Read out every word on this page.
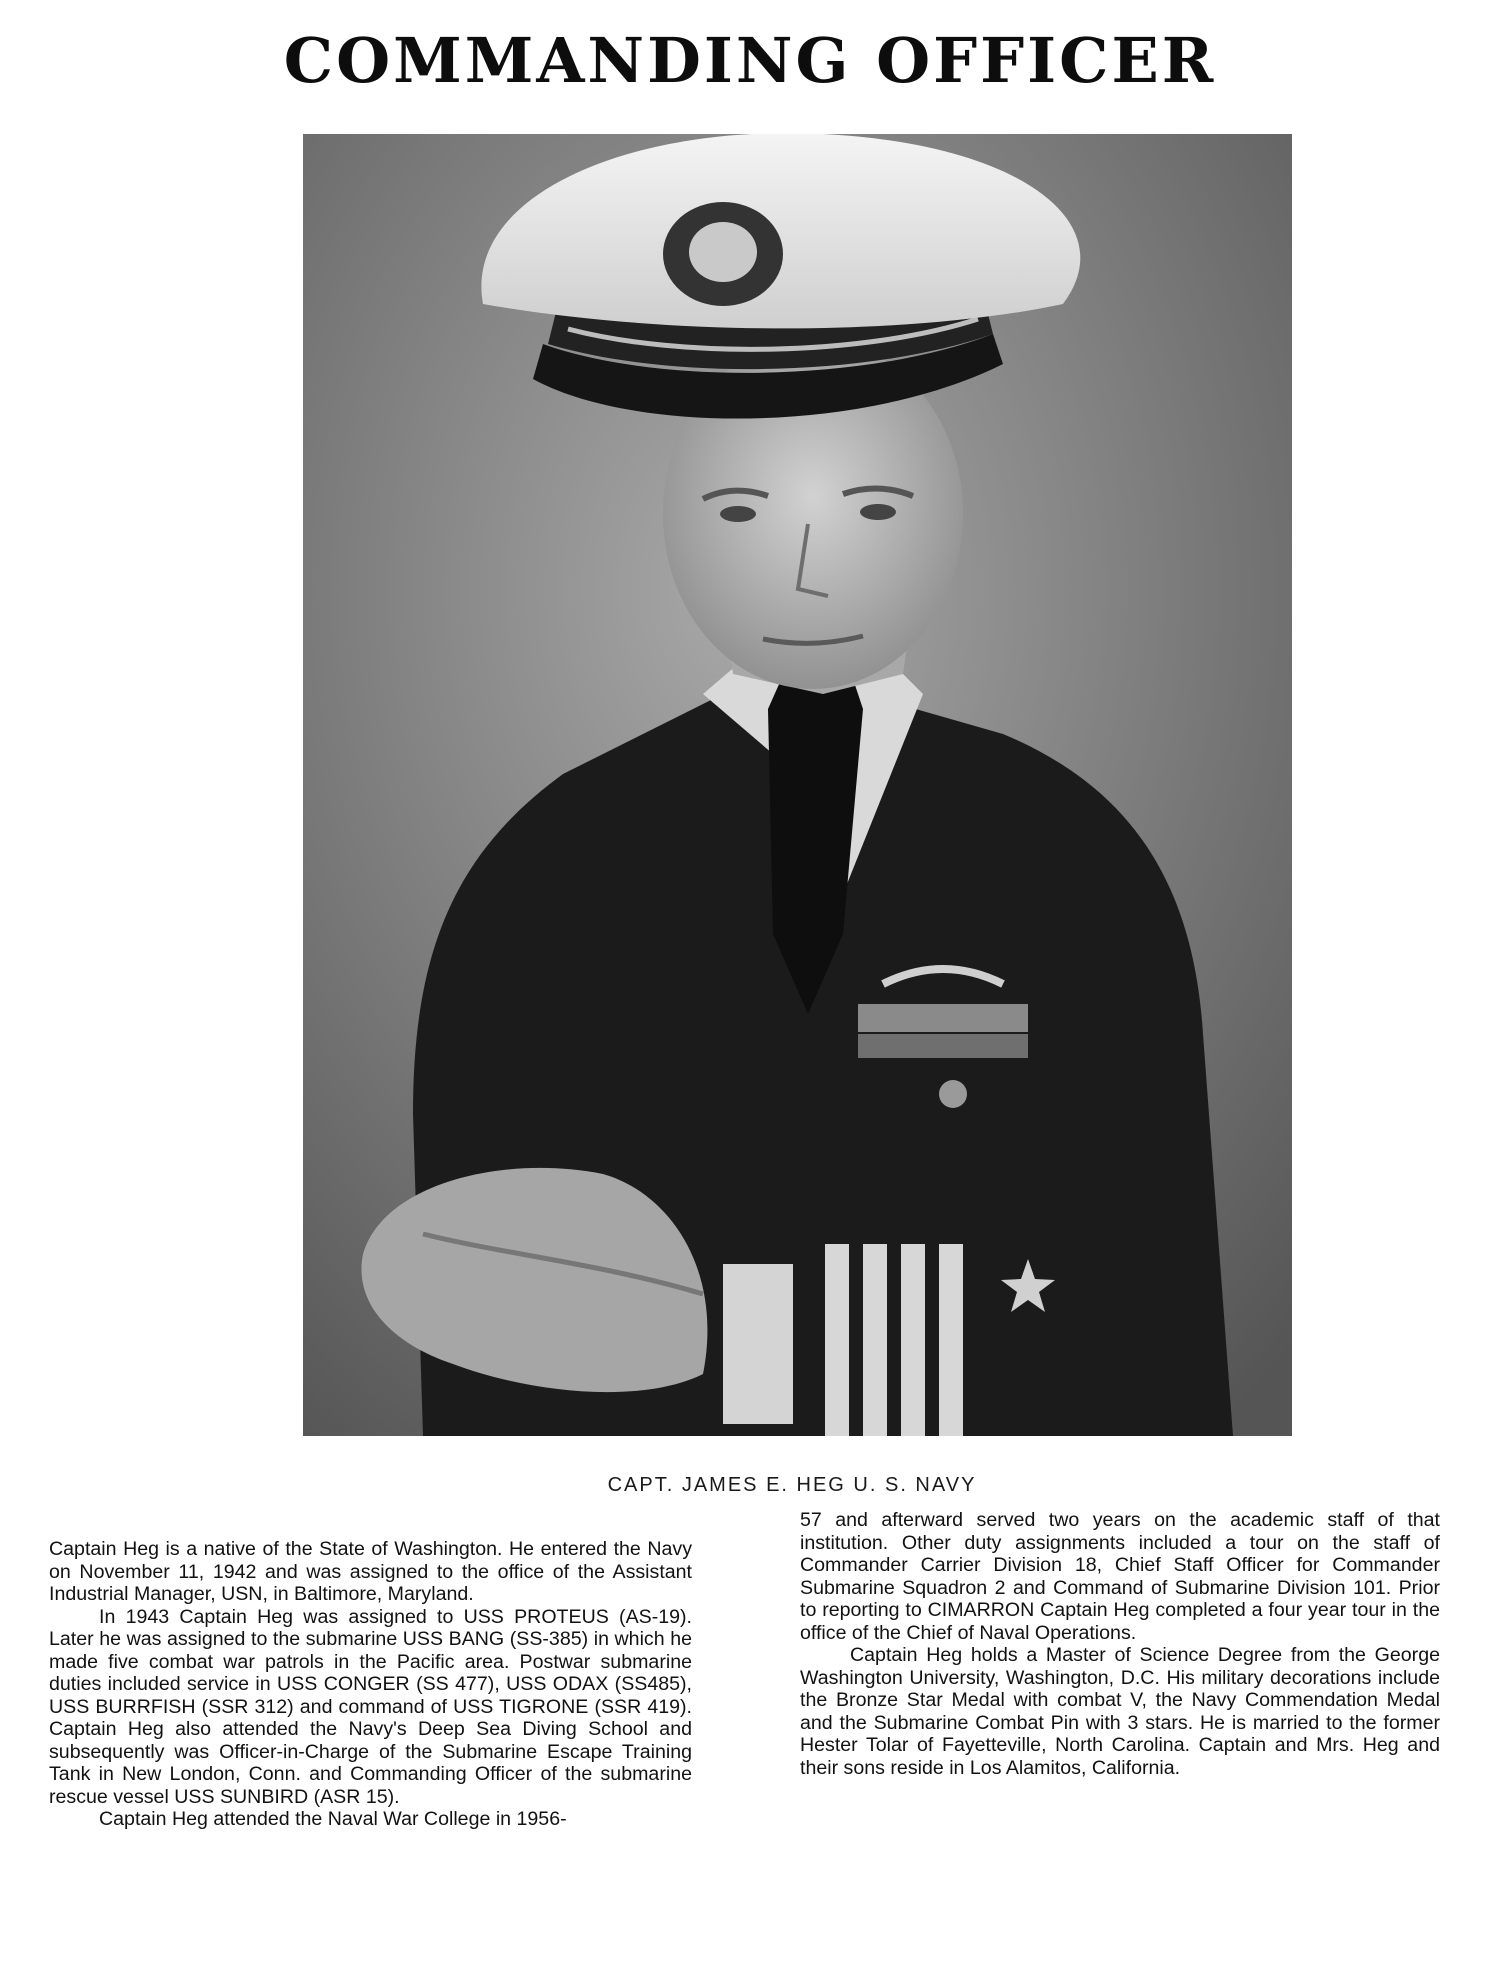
COMMANDING OFFICER
CAPT. JAMES E. HEG U. S. NAVY

Captain Heg is a native of the State of Washington. He entered the Navy on November 11, 1942 and was assigned to the office of the Assistant Industrial Manager, USN, in Baltimore, Maryland.

In 1943 Captain Heg was assigned to USS PROTEUS (AS-19). Later he was assigned to the submarine USS BANG (SS-385) in which he made five combat war patrols in the Pacific area. Postwar submarine duties included service in USS CONGER (SS 477), USS ODAX (SS485), USS BURRFISH (SSR 312) and command of USS TIGRONE (SSR 419). Captain Heg also attended the Navy's Deep Sea Diving School and subsequently was Officer-in-Charge of the Submarine Escape Training Tank in New London, Conn. and Commanding Officer of the submarine rescue vessel USS SUNBIRD (ASR 15).

Captain Heg attended the Naval War College in 1956-

57 and afterward served two years on the academic staff of that institution. Other duty assignments included a tour on the staff of Commander Carrier Division 18, Chief Staff Officer for Commander Submarine Squadron 2 and Command of Submarine Division 101. Prior to reporting to CIMARRON Captain Heg completed a four year tour in the office of the Chief of Naval Operations.

Captain Heg holds a Master of Science Degree from the George Washington University, Washington, D.C. His military decorations include the Bronze Star Medal with combat V, the Navy Commendation Medal and the Submarine Combat Pin with 3 stars. He is married to the former Hester Tolar of Fayetteville, North Carolina. Captain and Mrs. Heg and their sons reside in Los Alamitos, California.
